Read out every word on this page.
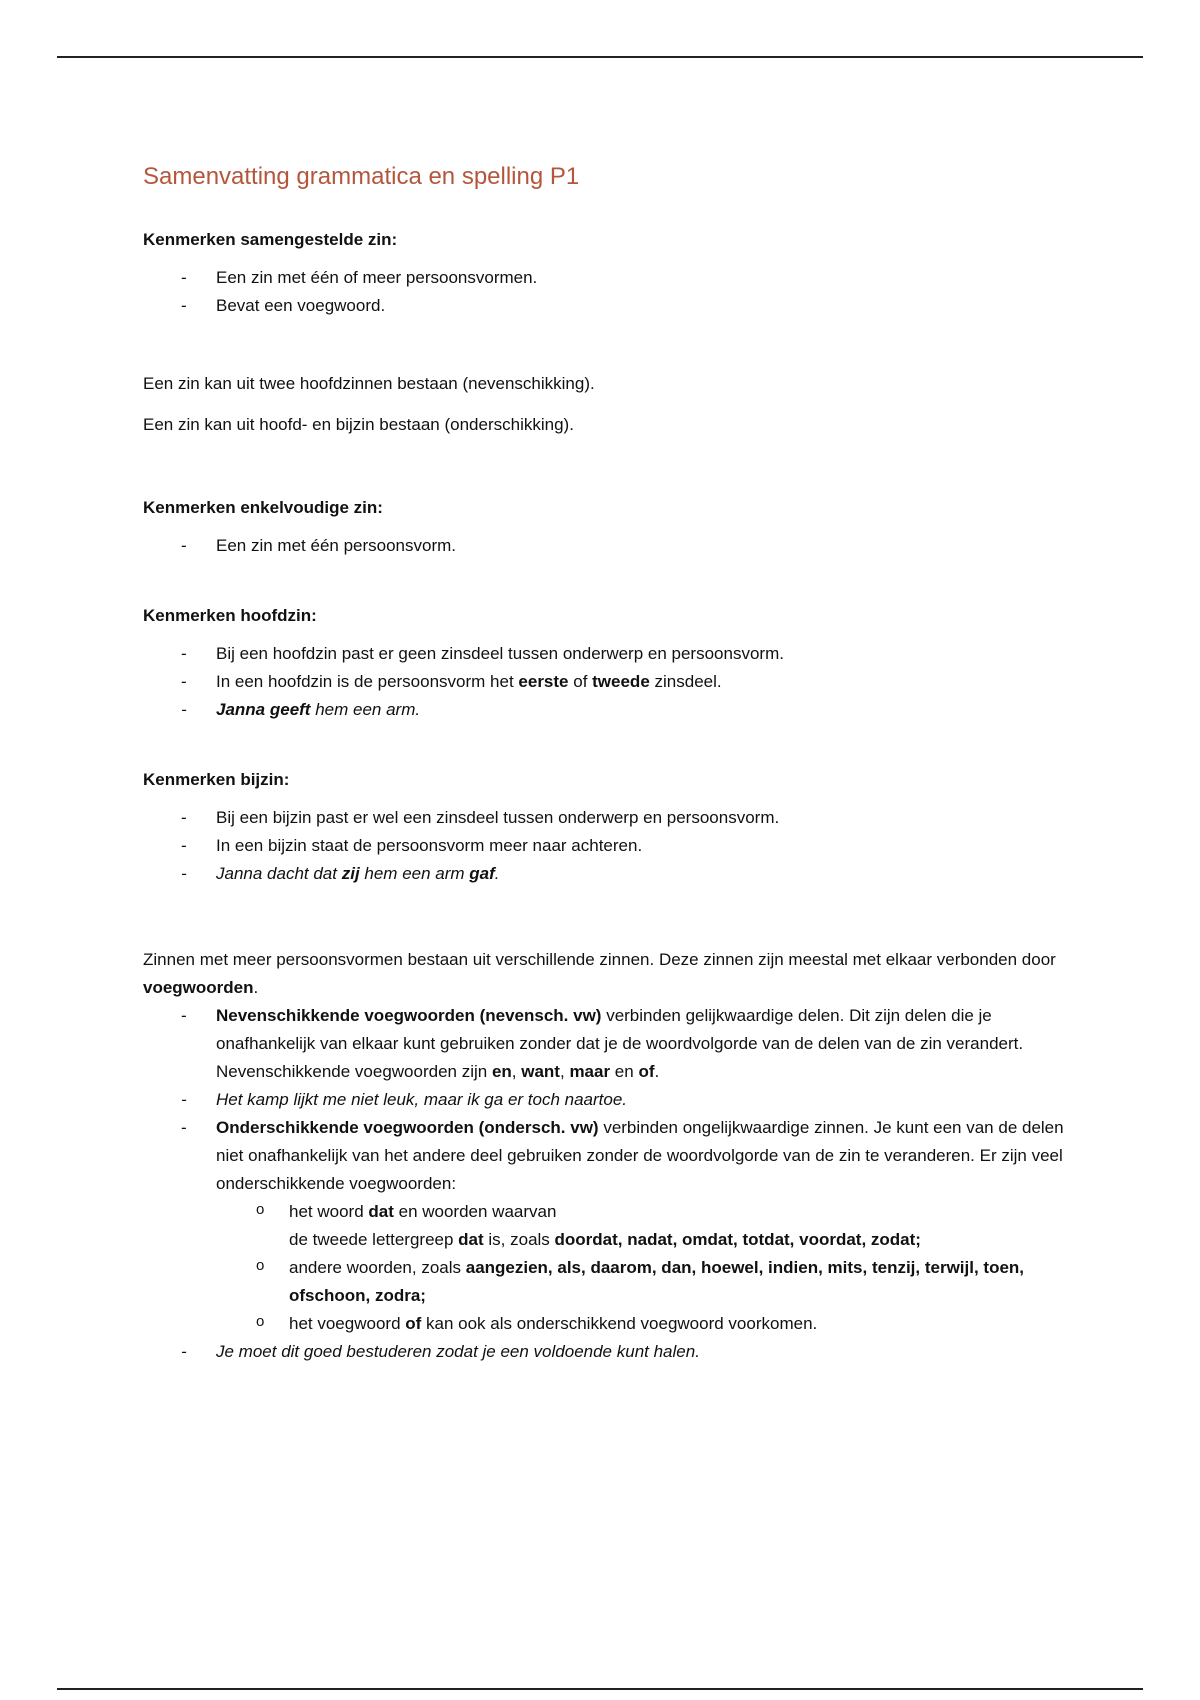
Samenvatting grammatica en spelling P1
Kenmerken samengestelde zin:
- Een zin met één of meer persoonsvormen.
- Bevat een voegwoord.
Een zin kan uit twee hoofdzinnen bestaan (nevenschikking).
Een zin kan uit hoofd- en bijzin bestaan (onderschikking).
Kenmerken enkelvoudige zin:
- Een zin met één persoonsvorm.
Kenmerken hoofdzin:
- Bij een hoofdzin past er geen zinsdeel tussen onderwerp en persoonsvorm.
- In een hoofdzin is de persoonsvorm het eerste of tweede zinsdeel.
- Janna geeft hem een arm.
Kenmerken bijzin:
- Bij een bijzin past er wel een zinsdeel tussen onderwerp en persoonsvorm.
- In een bijzin staat de persoonsvorm meer naar achteren.
- Janna dacht dat zij hem een arm gaf.
Zinnen met meer persoonsvormen bestaan uit verschillende zinnen. Deze zinnen zijn meestal met elkaar verbonden door voegwoorden.
- Nevenschikkende voegwoorden (nevensch. vw) verbinden gelijkwaardige delen. Dit zijn delen die je onafhankelijk van elkaar kunt gebruiken zonder dat je de woordvolgorde van de delen van de zin verandert. Nevenschikkende voegwoorden zijn en, want, maar en of.
- Het kamp lijkt me niet leuk, maar ik ga er toch naartoe.
- Onderschikkende voegwoorden (ondersch. vw) verbinden ongelijkwaardige zinnen. Je kunt een van de delen niet onafhankelijk van het andere deel gebruiken zonder de woordvolgorde van de zin te veranderen. Er zijn veel onderschikkende voegwoorden:
o het woord dat en woorden waarvan
de tweede lettergreep dat is, zoals doordat, nadat, omdat, totdat, voordat, zodat;
o andere woorden, zoals aangezien, als, daarom, dan, hoewel, indien, mits, tenzij, terwijl, toen, ofschoon, zodra;
o het voegwoord of kan ook als onderschikkend voegwoord voorkomen.
- Je moet dit goed bestuderen zodat je een voldoende kunt halen.
